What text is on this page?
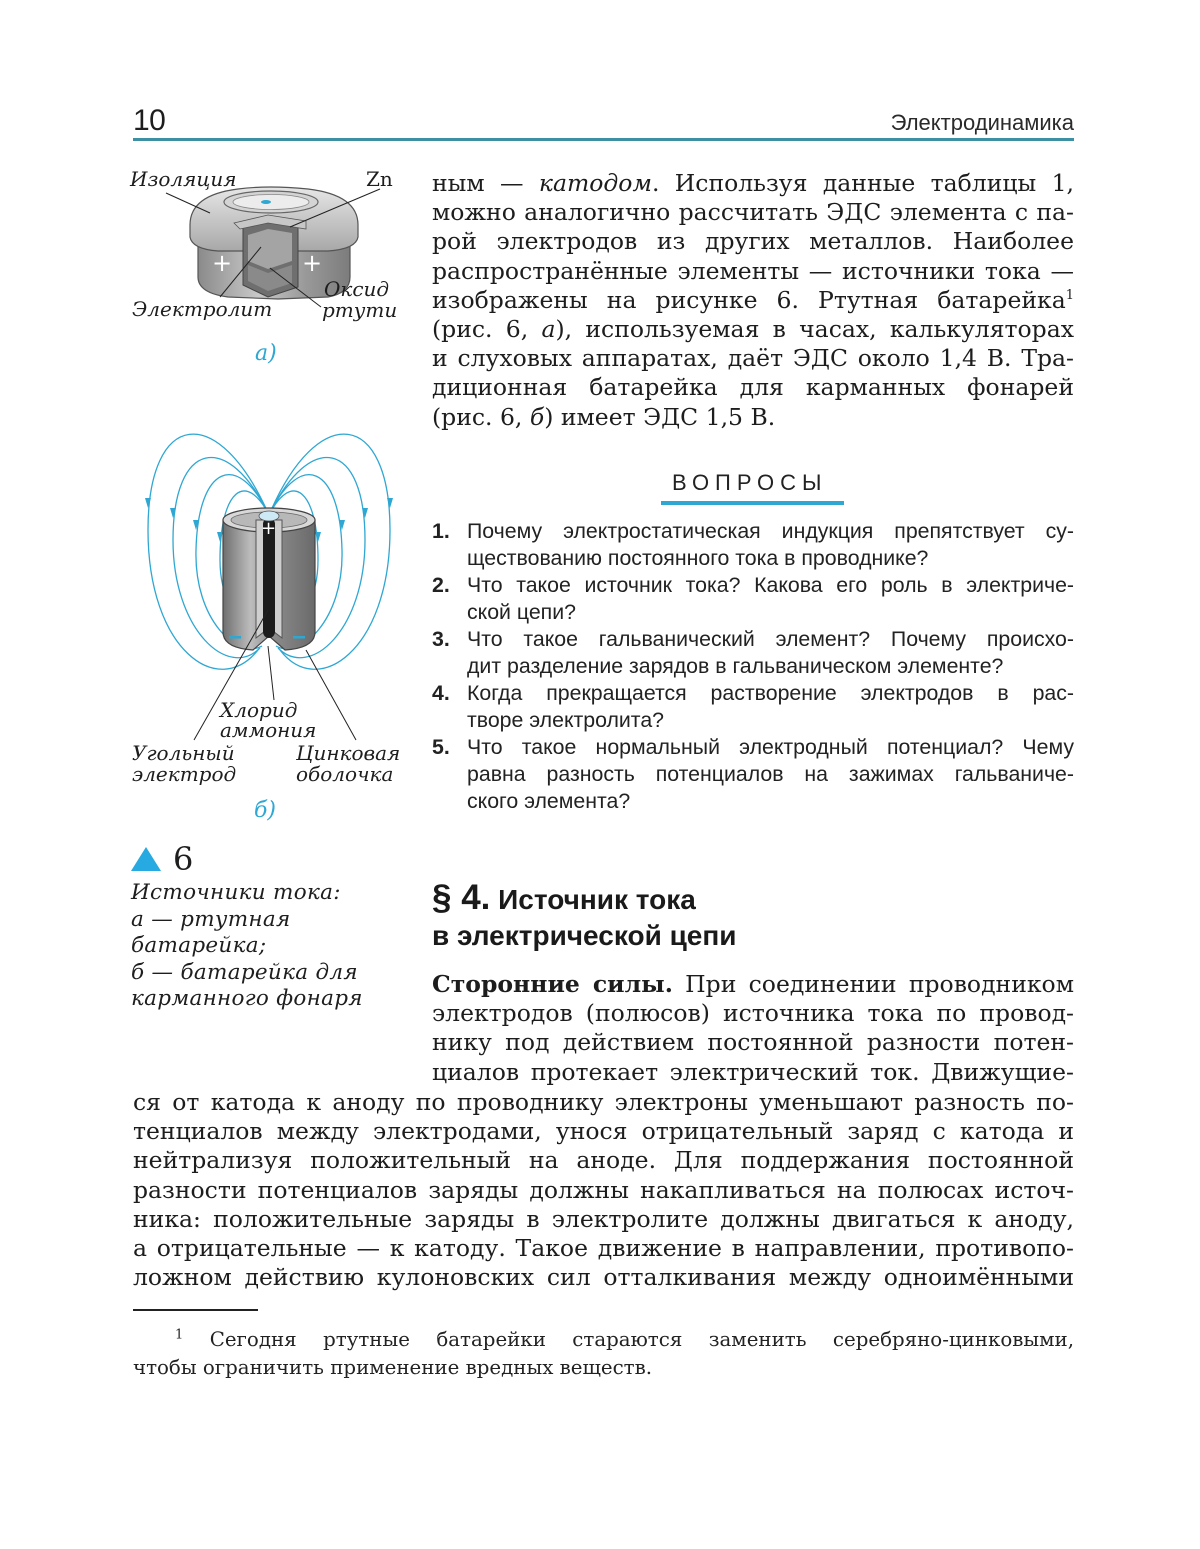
10	Электродинамика
+	+
Изоляция	Zn
Электролит
Оксид
ртути
а)
+
Хлорид
аммония
Угольный
электрод
Цинковая
оболочка
б)
6
Источники тока:
а — ртутная
батарейка;
б — батарейка для
карманного фонаря
ным — катодом. Используя данные таблицы 1,
можно аналогично рассчитать ЭДС элемента с па-
рой электродов из других металлов. Наиболее
распространённые элементы — источники тока —
изображены на рисунке 6. Ртутная батарейка$^1$
(рис. 6, а), используемая в часах, калькуляторах
и слуховых аппаратах, даёт ЭДС около 1,4 В. Тра-
диционная батарейка для карманных фонарей
(рис. 6, б) имеет ЭДС 1,5 В.
ВОПРОСЫ
1. Почему электростатическая индукция препятствует су-
ществованию постоянного тока в проводнике?
2. Что такое источник тока? Какова его роль в электриче-
ской цепи?
3. Что такое гальванический элемент? Почему происхо-
дит разделение зарядов в гальваническом элементе?
4. Когда прекращается растворение электродов в рас-
творе электролита?
5. Что такое нормальный электродный потенциал? Чему
равна разность потенциалов на зажимах гальваниче-
ского элемента?
§ 4. Источник тока
в электрической цепи
Сторонние силы. При соединении проводником
электродов (полюсов) источника тока по провод-
нику под действием постоянной разности потен-
циалов протекает электрический ток. Движущие-
ся от катода к аноду по проводнику электроны уменьшают разность по-
тенциалов между электродами, унося отрицательный заряд с катода и
нейтрализуя положительный на аноде. Для поддержания постоянной
разности потенциалов заряды должны накапливаться на полюсах источ-
ника: положительные заряды в электролите должны двигаться к аноду,
а отрицательные — к катоду. Такое движение в направлении, противопо-
ложном действию кулоновских сил отталкивания между одноимёнными
$^1$ Сегодня ртутные батарейки стараются заменить серебряно-цинковыми,
чтобы ограничить применение вредных веществ.
